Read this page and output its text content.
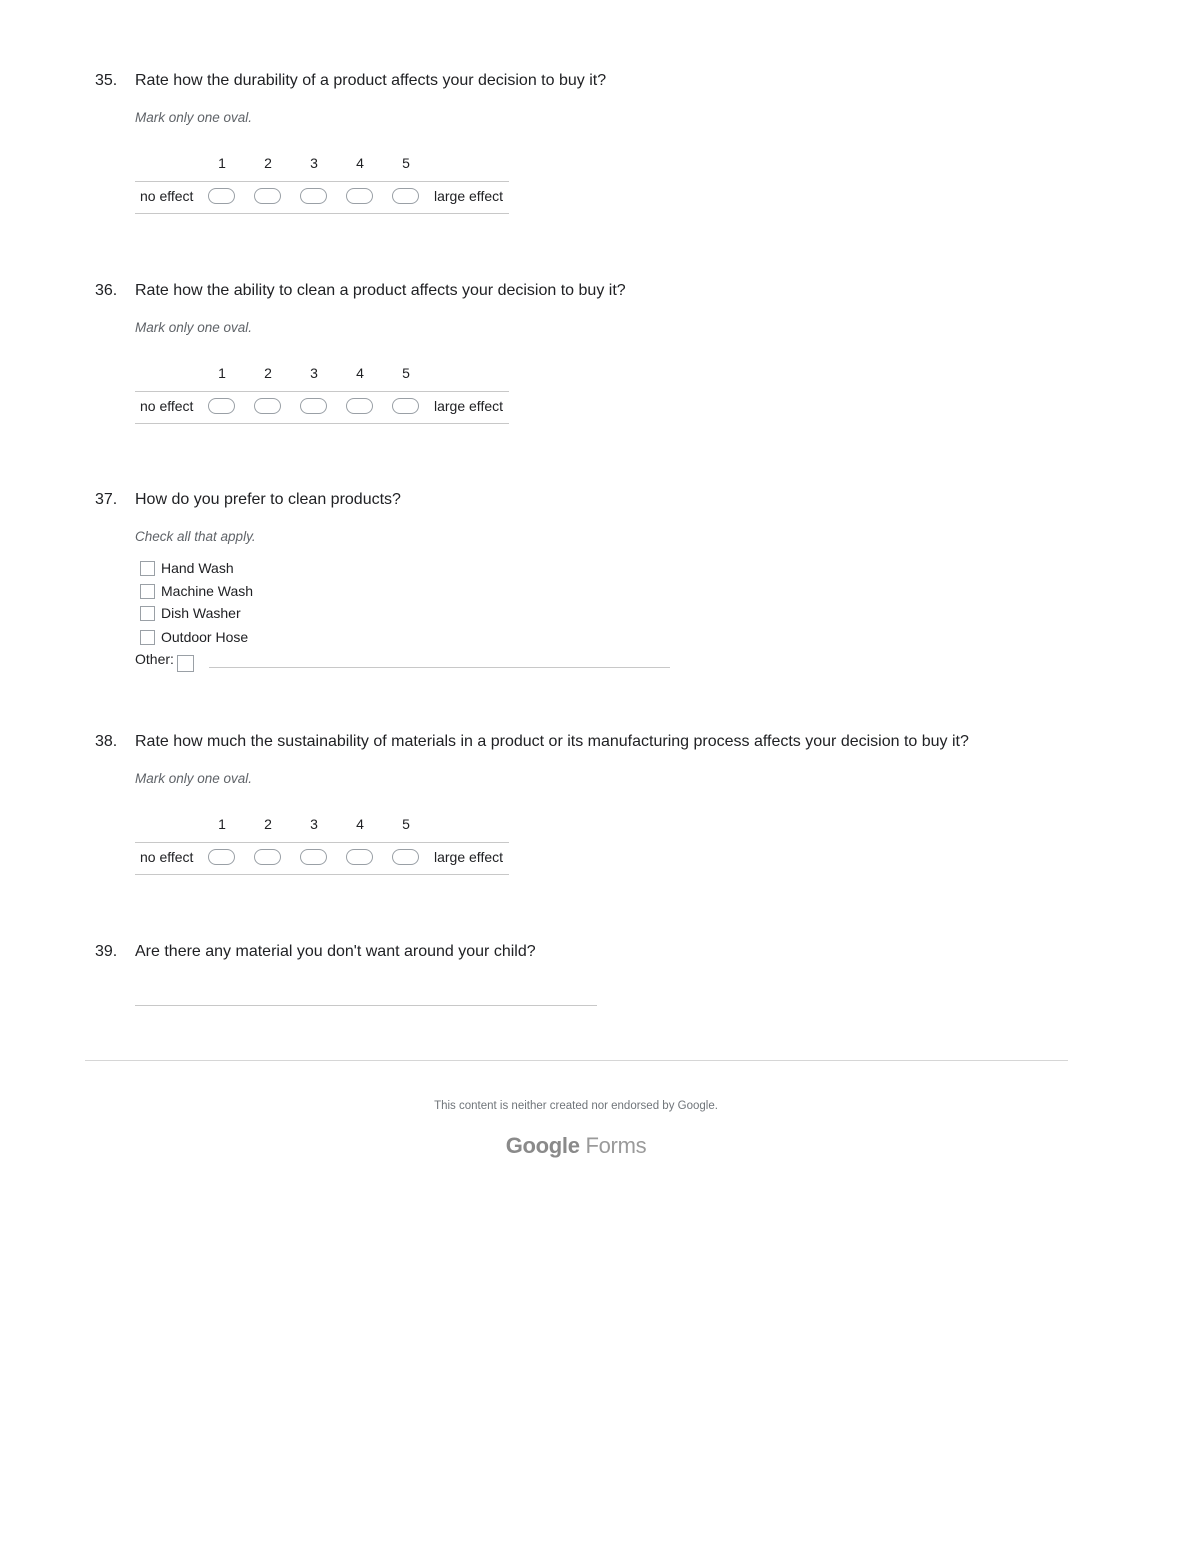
35. Rate how the durability of a product affects your decision to buy it?
Mark only one oval.
1	2	3	4	5
no effect	large effect
36. Rate how the ability to clean a product affects your decision to buy it?
Mark only one oval.
1	2	3	4	5
no effect	large effect
37. How do you prefer to clean products?
Check all that apply.
Hand Wash
Machine Wash
Dish Washer
Outdoor Hose
Other:
38. Rate how much the sustainability of materials in a product or its manufacturing process affects your decision to buy it?
Mark only one oval.
1	2	3	4	5
no effect	large effect
39. Are there any material you don't want around your child?
This content is neither created nor endorsed by Google.
Google Forms
